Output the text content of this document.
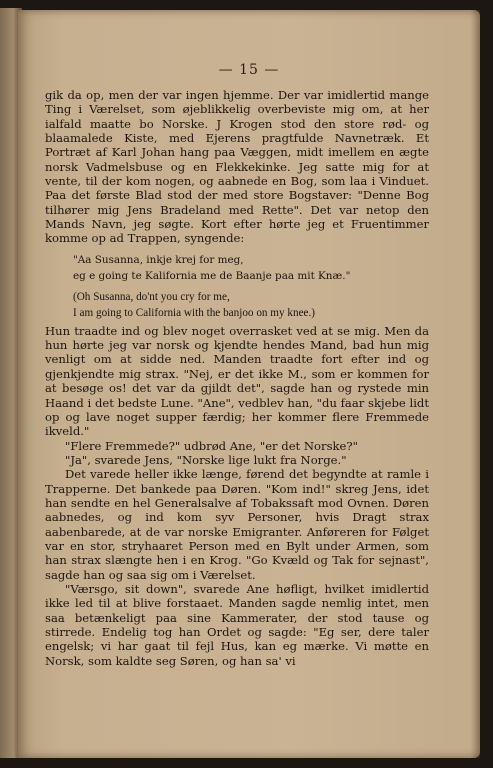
— 15 —

gik da op, men der var ingen hjemme. Der var imidlertid mange Ting i Værelset, som øjeblikkelig overbeviste mig om, at her ialfald maatte bo Norske. J Krogen stod den store rød- og blaamalede Kiste, med Ejerens pragtfulde Navnetræk. Et Portræt af Karl Johan hang paa Væggen, midt imellem en ægte norsk Vadmelsbuse og en Flekkekinke. Jeg satte mig for at vente, til der kom nogen, og aabnede en Bog, som laa i Vinduet. Paa det første Blad stod der med store Bogstaver: "Denne Bog tilhører mig Jens Bradeland med Rette". Det var netop den Mands Navn, jeg søgte. Kort efter hørte jeg et Fruentimmer komme op ad Trappen, syngende:

"Aa Susanna, inkje krej for meg,
eg e going te Kalifornia me de Baanje paa mit Knæ."
(Oh Susanna, do'nt you cry for me,
I am going to California with the banjoo on my knee.)

Hun traadte ind og blev noget overrasket ved at se mig. Men da hun hørte jeg var norsk og kjendte hendes Mand, bad hun mig venligt om at sidde ned. Manden traadte fort efter ind og gjenkjendte mig strax. "Nej, er det ikke M., som er kommen for at besøge os! det var da gjildt det", sagde han og rystede min Haand i det bedste Lune. "Ane", vedblev han, "du faar skjebe lidt op og lave noget supper færdig; her kommer flere Fremmede ikveld."

"Flere Fremmede?" udbrød Ane, "er det Norske?"

"Ja", svarede Jens, "Norske lige lukt fra Norge."

Det varede heller ikke længe, førend det begyndte at ramle i Trapperne. Det bankede paa Døren. "Kom ind!" skreg Jens, idet han sendte en hel Generalsalve af Tobakssaft mod Ovnen. Døren aabnedes, og ind kom syv Personer, hvis Dragt strax aabenbarede, at de var norske Emigranter. Anføreren for Følget var en stor, stryhaaret Person med en Bylt under Armen, som han strax slængte hen i en Krog. "Go Kvæld og Tak for sejnast", sagde han og saa sig om i Værelset.

"Værsgo, sit down", svarede Ane høfligt, hvilket imidlertid ikke led til at blive forstaaet. Manden sagde nemlig intet, men saa betænkeligt paa sine Kammerater, der stod tause og stirrede. Endelig tog han Ordet og sagde: "Eg ser, dere taler engelsk; vi har gaat til fejl Hus, kan eg mærke. Vi møtte en Norsk, som kaldte seg Søren, og han sa' vi
